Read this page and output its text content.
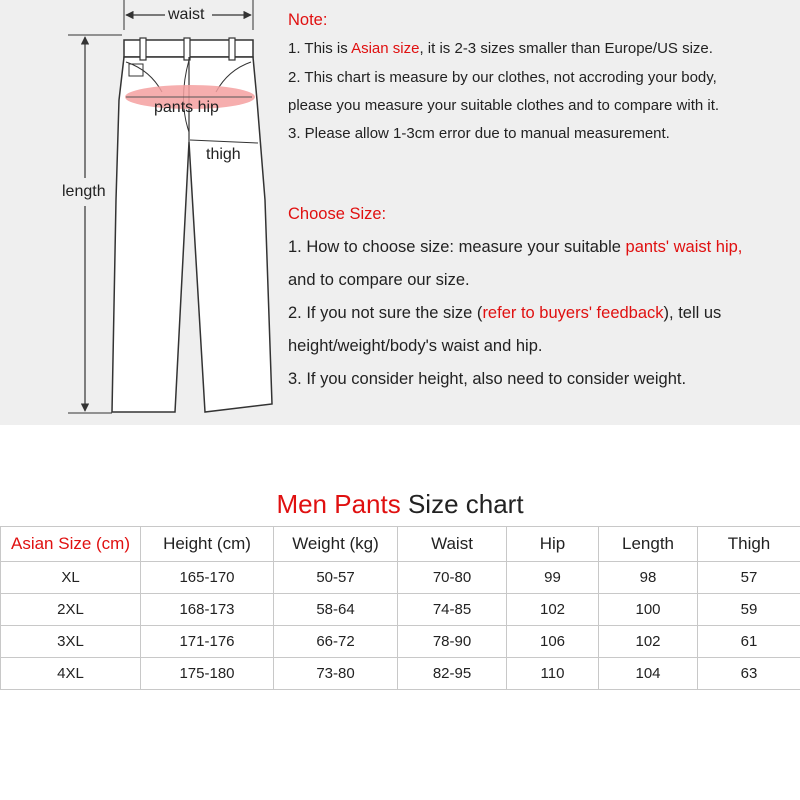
waist
pants hip
thigh
length
Note:
1. This is Asian size, it is 2-3 sizes smaller than Europe/US size.
2. This chart is measure by our clothes, not accroding your body,
please you measure your suitable clothes and to compare with it.
3. Please allow 1-3cm error due to manual measurement.
Choose Size:
1. How to choose size: measure your suitable pants' waist hip,
and to compare our size.
2. If you not sure the size (refer to buyers' feedback), tell us
height/weight/body's waist and hip.
3. If you consider height, also need to consider weight.
Men Pants Size chart
Asian Size (cm)	Height (cm)	Weight (kg)	Waist	Hip	Length	Thigh
XL	165-170	50-57	70-80	99	98	57
2XL	168-173	58-64	74-85	102	100	59
3XL	171-176	66-72	78-90	106	102	61
4XL	175-180	73-80	82-95	110	104	63
